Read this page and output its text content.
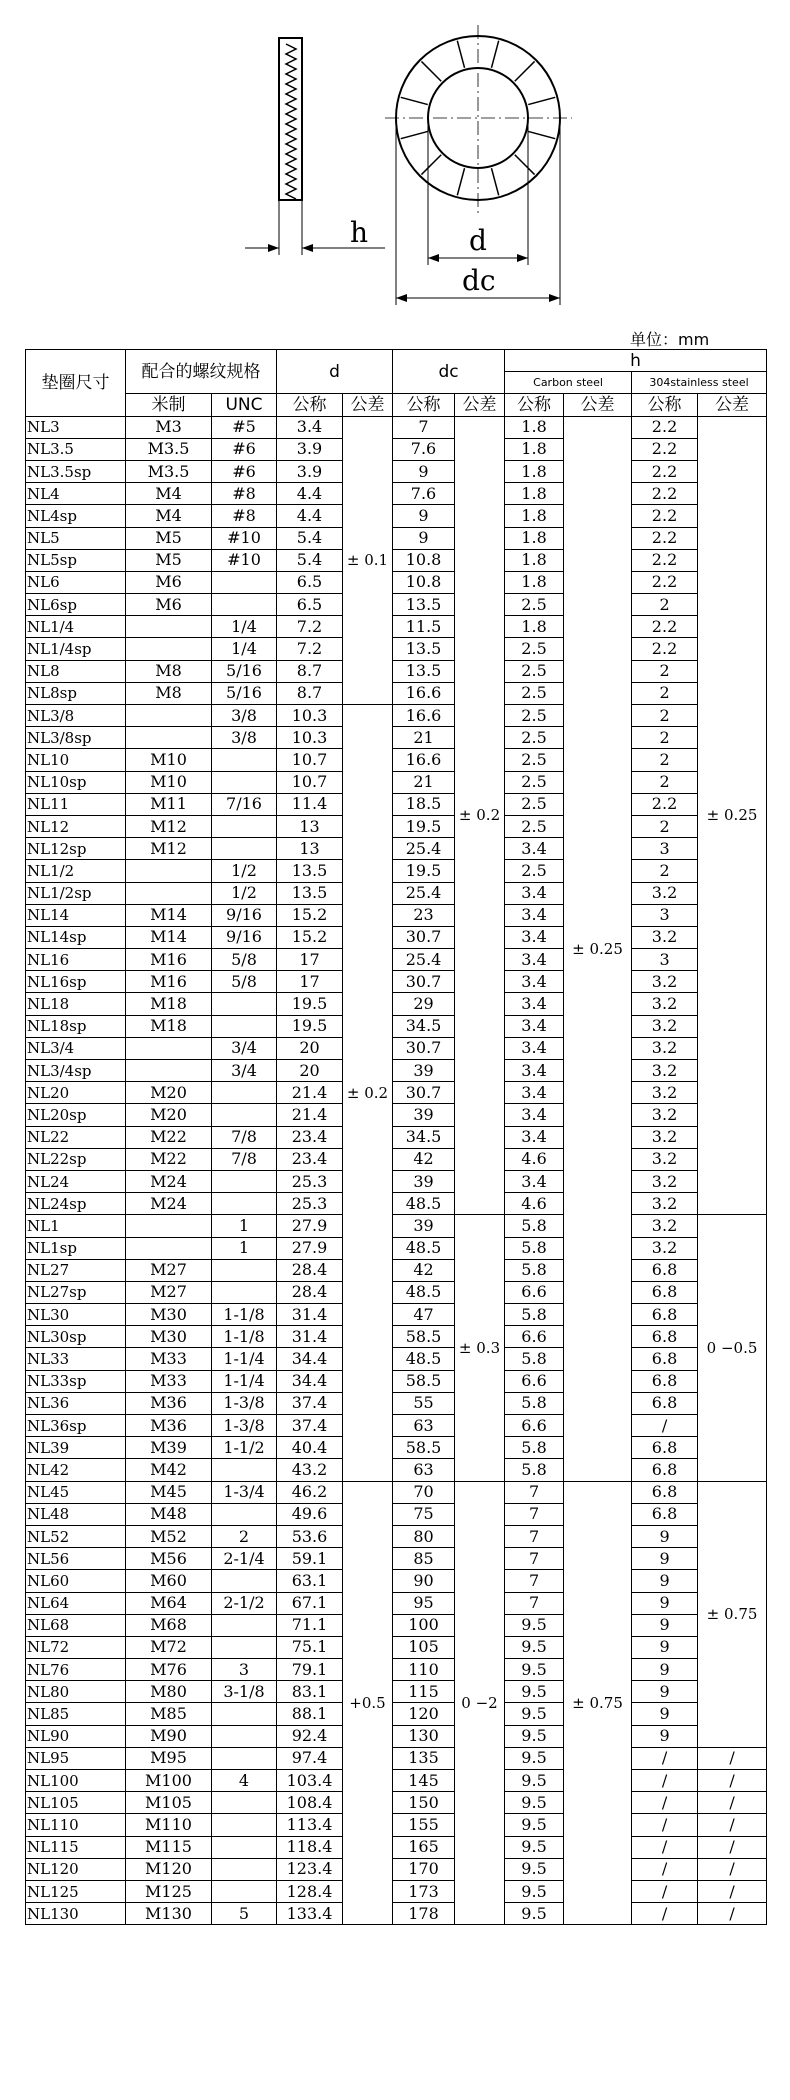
h	d
dc
单位：mm
垫圈尺寸	配合的螺纹规格		d		dc		h			
							Carbon steel		304stainless steel	
	米制	UNC	公称	公差	公称	公差	公称	公差	公称	公差
NL3	M3	#5	3.4	± 0.1	7	± 0.2	1.8	± 0.25	2.2	± 0.25
NL3.5	M3.5	#6	3.9		7.6		1.8		2.2	
NL3.5sp	M3.5	#6	3.9		9		1.8		2.2	
NL4	M4	#8	4.4		7.6		1.8		2.2	
NL4sp	M4	#8	4.4		9		1.8		2.2	
NL5	M5	#10	5.4		9		1.8		2.2	
NL5sp	M5	#10	5.4		10.8		1.8		2.2	
NL6	M6		6.5		10.8		1.8		2.2	
NL6sp	M6		6.5		13.5		2.5		2	
NL1/4		1/4	7.2		11.5		1.8		2.2	
NL1/4sp		1/4	7.2		13.5		2.5		2.2	
NL8	M8	5/16	8.7		13.5		2.5		2	
NL8sp	M8	5/16	8.7		16.6		2.5		2	
NL3/8		3/8	10.3	± 0.2	16.6		2.5		2	
NL3/8sp		3/8	10.3		21		2.5		2	
NL10	M10		10.7		16.6		2.5		2	
NL10sp	M10		10.7		21		2.5		2	
NL11	M11	7/16	11.4		18.5		2.5		2.2	
NL12	M12		13		19.5		2.5		2	
NL12sp	M12		13		25.4		3.4		3	
NL1/2		1/2	13.5		19.5		2.5		2	
NL1/2sp		1/2	13.5		25.4		3.4		3.2	
NL14	M14	9/16	15.2		23		3.4		3	
NL14sp	M14	9/16	15.2		30.7		3.4		3.2	
NL16	M16	5/8	17		25.4		3.4		3	
NL16sp	M16	5/8	17		30.7		3.4		3.2	
NL18	M18		19.5		29		3.4		3.2	
NL18sp	M18		19.5		34.5		3.4		3.2	
NL3/4		3/4	20		30.7		3.4		3.2	
NL3/4sp		3/4	20		39		3.4		3.2	
NL20	M20		21.4		30.7		3.4		3.2	
NL20sp	M20		21.4		39		3.4		3.2	
NL22	M22	7/8	23.4		34.5		3.4		3.2	
NL22sp	M22	7/8	23.4		42		4.6		3.2	
NL24	M24		25.3		39		3.4		3.2	
NL24sp	M24		25.3		48.5		4.6		3.2	
NL1		1	27.9		39	± 0.3	5.8		3.2	0 −0.5
NL1sp		1	27.9		48.5		5.8		3.2	
NL27	M27		28.4		42		5.8		6.8	
NL27sp	M27		28.4		48.5		6.6		6.8	
NL30	M30	1-1/8	31.4		47		5.8		6.8	
NL30sp	M30	1-1/8	31.4		58.5		6.6		6.8	
NL33	M33	1-1/4	34.4		48.5		5.8		6.8	
NL33sp	M33	1-1/4	34.4		58.5		6.6		6.8	
NL36	M36	1-3/8	37.4		55		5.8		6.8	
NL36sp	M36	1-3/8	37.4		63		6.6		/	
NL39	M39	1-1/2	40.4		58.5		5.8		6.8	
NL42	M42		43.2		63		5.8		6.8	
NL45	M45	1-3/4	46.2	+0.5	70	0 −2	7	± 0.75	6.8	± 0.75
NL48	M48		49.6		75		7		6.8	
NL52	M52	2	53.6		80		7		9	
NL56	M56	2-1/4	59.1		85		7		9	
NL60	M60		63.1		90		7		9	
NL64	M64	2-1/2	67.1		95		7		9	
NL68	M68		71.1		100		9.5		9	
NL72	M72		75.1		105		9.5		9	
NL76	M76	3	79.1		110		9.5		9	
NL80	M80	3-1/8	83.1		115		9.5		9	
NL85	M85		88.1		120		9.5		9	
NL90	M90		92.4		130		9.5		9	
NL95	M95		97.4		135		9.5		/	/
NL100	M100	4	103.4		145		9.5		/	/
NL105	M105		108.4		150		9.5		/	/
NL110	M110		113.4		155		9.5		/	/
NL115	M115		118.4		165		9.5		/	/
NL120	M120		123.4		170		9.5		/	/
NL125	M125		128.4		173		9.5		/	/
NL130	M130	5	133.4		178		9.5		/	/
